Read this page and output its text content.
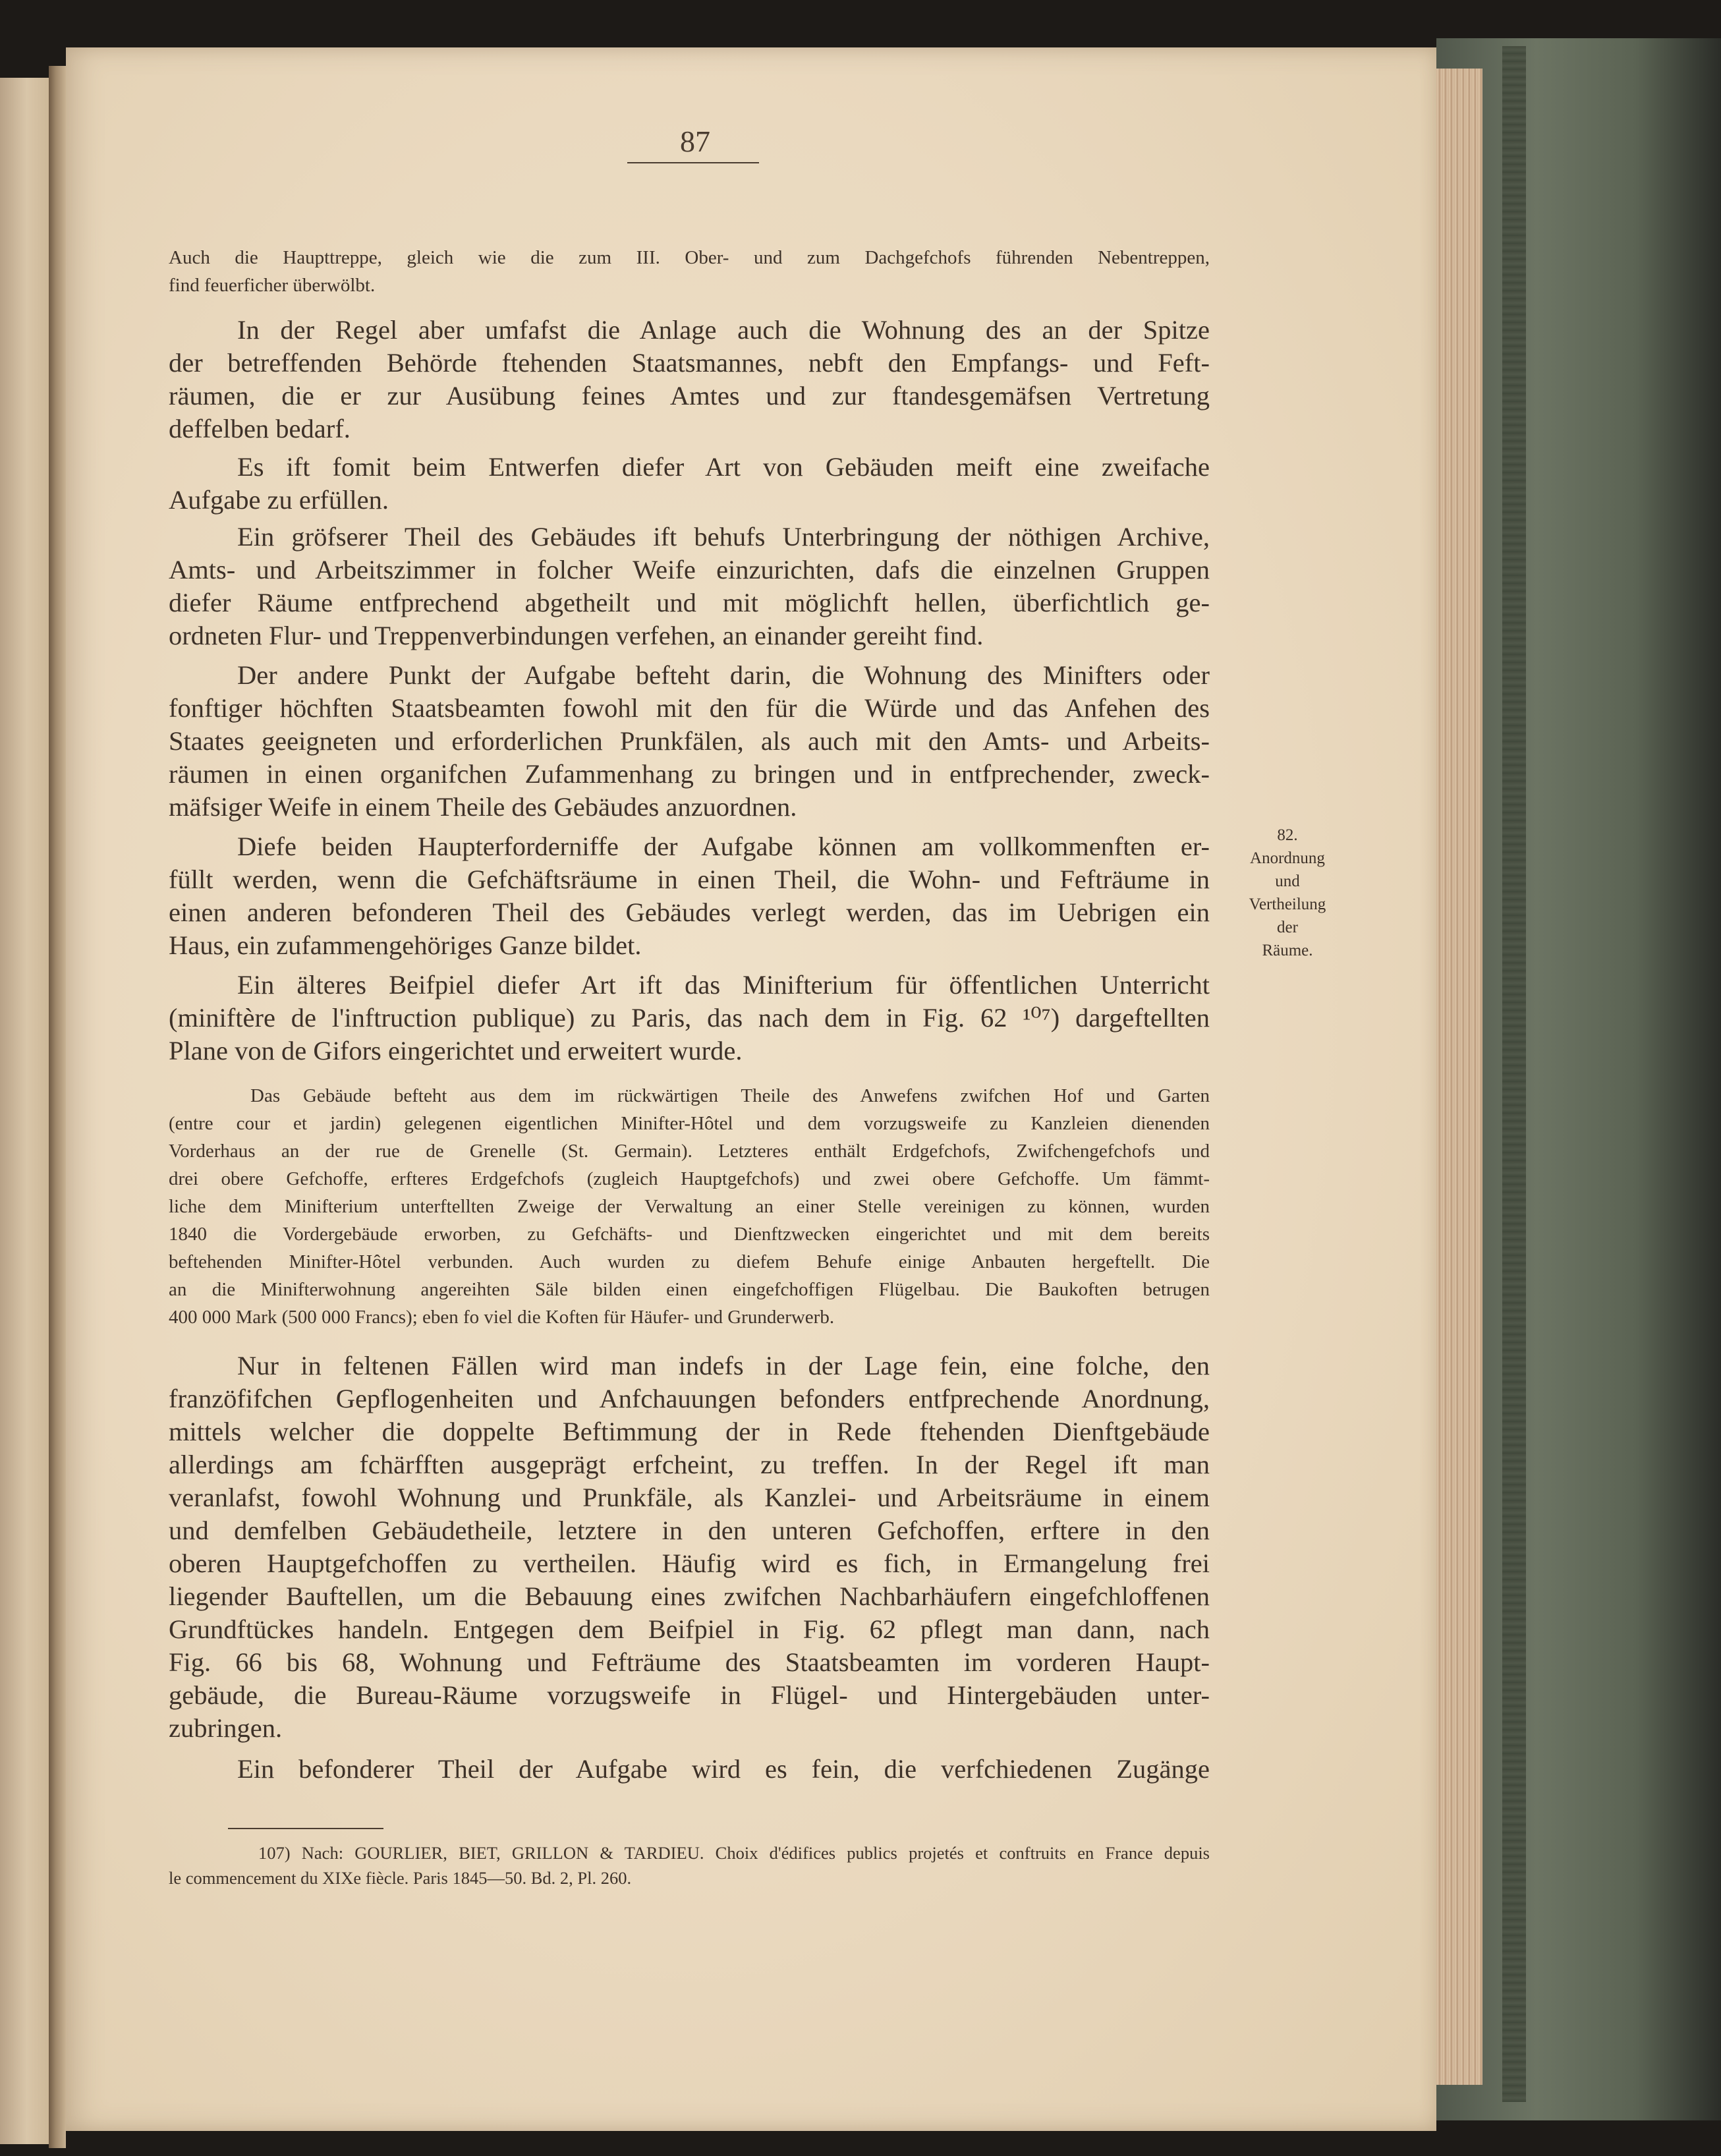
87
Auch die Haupttreppe, gleich wie die zum III. Ober- und zum Dachgefchofs führenden Nebentreppen,
find feuerficher überwölbt.
In der Regel aber umfafst die Anlage auch die Wohnung des an der Spitze
der betreffenden Behörde ftehenden Staatsmannes, nebft den Empfangs- und Feft-
räumen, die er zur Ausübung feines Amtes und zur ftandesgemäfsen Vertretung
deffelben bedarf.
Es ift fomit beim Entwerfen diefer Art von Gebäuden meift eine zweifache
Aufgabe zu erfüllen.
Ein gröfserer Theil des Gebäudes ift behufs Unterbringung der nöthigen Archive,
Amts- und Arbeitszimmer in folcher Weife einzurichten, dafs die einzelnen Gruppen
diefer Räume entfprechend abgetheilt und mit möglichft hellen, überfichtlich ge-
ordneten Flur- und Treppenverbindungen verfehen, an einander gereiht find.
Der andere Punkt der Aufgabe befteht darin, die Wohnung des Minifters oder
fonftiger höchften Staatsbeamten fowohl mit den für die Würde und das Anfehen des
Staates geeigneten und erforderlichen Prunkfälen, als auch mit den Amts- und Arbeits-
räumen in einen organifchen Zufammenhang zu bringen und in entfprechender, zweck-
mäfsiger Weife in einem Theile des Gebäudes anzuordnen.
Diefe beiden Haupterforderniffe der Aufgabe können am vollkommenften er-
füllt werden, wenn die Gefchäftsräume in einen Theil, die Wohn- und Fefträume in
einen anderen befonderen Theil des Gebäudes verlegt werden, das im Uebrigen ein
Haus, ein zufammengehöriges Ganze bildet.
Ein älteres Beifpiel diefer Art ift das Minifterium für öffentlichen Unterricht
(miniftère de l'inftruction publique) zu Paris, das nach dem in Fig. 62 ¹⁰⁷) dargeftellten
Plane von de Gifors eingerichtet und erweitert wurde.
Das Gebäude befteht aus dem im rückwärtigen Theile des Anwefens zwifchen Hof und Garten
(entre cour et jardin) gelegenen eigentlichen Minifter-Hôtel und dem vorzugsweife zu Kanzleien dienenden
Vorderhaus an der rue de Grenelle (St. Germain). Letzteres enthält Erdgefchofs, Zwifchengefchofs und
drei obere Gefchoffe, erfteres Erdgefchofs (zugleich Hauptgefchofs) und zwei obere Gefchoffe. Um fämmt-
liche dem Minifterium unterftellten Zweige der Verwaltung an einer Stelle vereinigen zu können, wurden
1840 die Vordergebäude erworben, zu Gefchäfts- und Dienftzwecken eingerichtet und mit dem bereits
beftehenden Minifter-Hôtel verbunden. Auch wurden zu diefem Behufe einige Anbauten hergeftellt. Die
an die Minifterwohnung angereihten Säle bilden einen eingefchoffigen Flügelbau. Die Baukoften betrugen
400 000 Mark (500 000 Francs); eben fo viel die Koften für Häufer- und Grunderwerb.
Nur in feltenen Fällen wird man indefs in der Lage fein, eine folche, den
franzöfifchen Gepflogenheiten und Anfchauungen befonders entfprechende Anordnung,
mittels welcher die doppelte Beftimmung der in Rede ftehenden Dienftgebäude
allerdings am fchärfften ausgeprägt erfcheint, zu treffen. In der Regel ift man
veranlafst, fowohl Wohnung und Prunkfäle, als Kanzlei- und Arbeitsräume in einem
und demfelben Gebäudetheile, letztere in den unteren Gefchoffen, erftere in den
oberen Hauptgefchoffen zu vertheilen. Häufig wird es fich, in Ermangelung frei
liegender Bauftellen, um die Bebauung eines zwifchen Nachbarhäufern eingefchloffenen
Grundftückes handeln. Entgegen dem Beifpiel in Fig. 62 pflegt man dann, nach
Fig. 66 bis 68, Wohnung und Fefträume des Staatsbeamten im vorderen Haupt-
gebäude, die Bureau-Räume vorzugsweife in Flügel- und Hintergebäuden unter-
zubringen.
Ein befonderer Theil der Aufgabe wird es fein, die verfchiedenen Zugänge
82.
Anordnung
und
Vertheilung
der
Räume.
107) Nach: GOURLIER, BIET, GRILLON & TARDIEU. Choix d'édifices publics projetés et conftruits en France depuis
le commencement du XIXe fiècle. Paris 1845—50. Bd. 2, Pl. 260.
